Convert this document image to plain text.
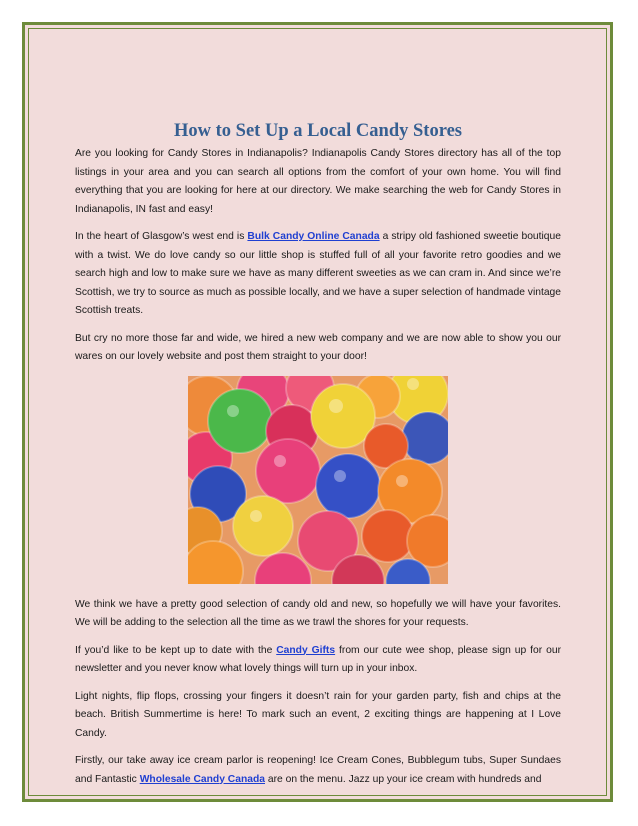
How to Set Up a Local Candy Stores

Are you looking for Candy Stores in Indianapolis? Indianapolis Candy Stores directory has all of the top listings in your area and you can search all options from the comfort of your own home. You will find everything that you are looking for here at our directory. We make searching the web for Candy Stores in Indianapolis, IN fast and easy!

In the heart of Glasgow’s west end is Bulk Candy Online Canada a stripy old fashioned sweetie boutique with a twist. We do love candy so our little shop is stuffed full of all your favorite retro goodies and we search high and low to make sure we have as many different sweeties as we can cram in. And since we’re Scottish, we try to source as much as possible locally, and we have a super selection of handmade vintage Scottish treats.

But cry no more those far and wide, we hired a new web company and we are now able to show you our wares on our lovely website and post them straight to your door!

We think we have a pretty good selection of candy old and new, so hopefully we will have your favorites. We will be adding to the selection all the time as we trawl the shores for your requests.

If you’d like to be kept up to date with the Candy Gifts from our cute wee shop, please sign up for our newsletter and you never know what lovely things will turn up in your inbox.

Light nights, flip flops, crossing your fingers it doesn’t rain for your garden party, fish and chips at the beach. British Summertime is here! To mark such an event, 2 exciting things are happening at I Love Candy.

Firstly, our take away ice cream parlor is reopening! Ice Cream Cones, Bubblegum tubs, Super Sundaes and Fantastic Wholesale Candy Canada are on the menu. Jazz up your ice cream with hundreds and
